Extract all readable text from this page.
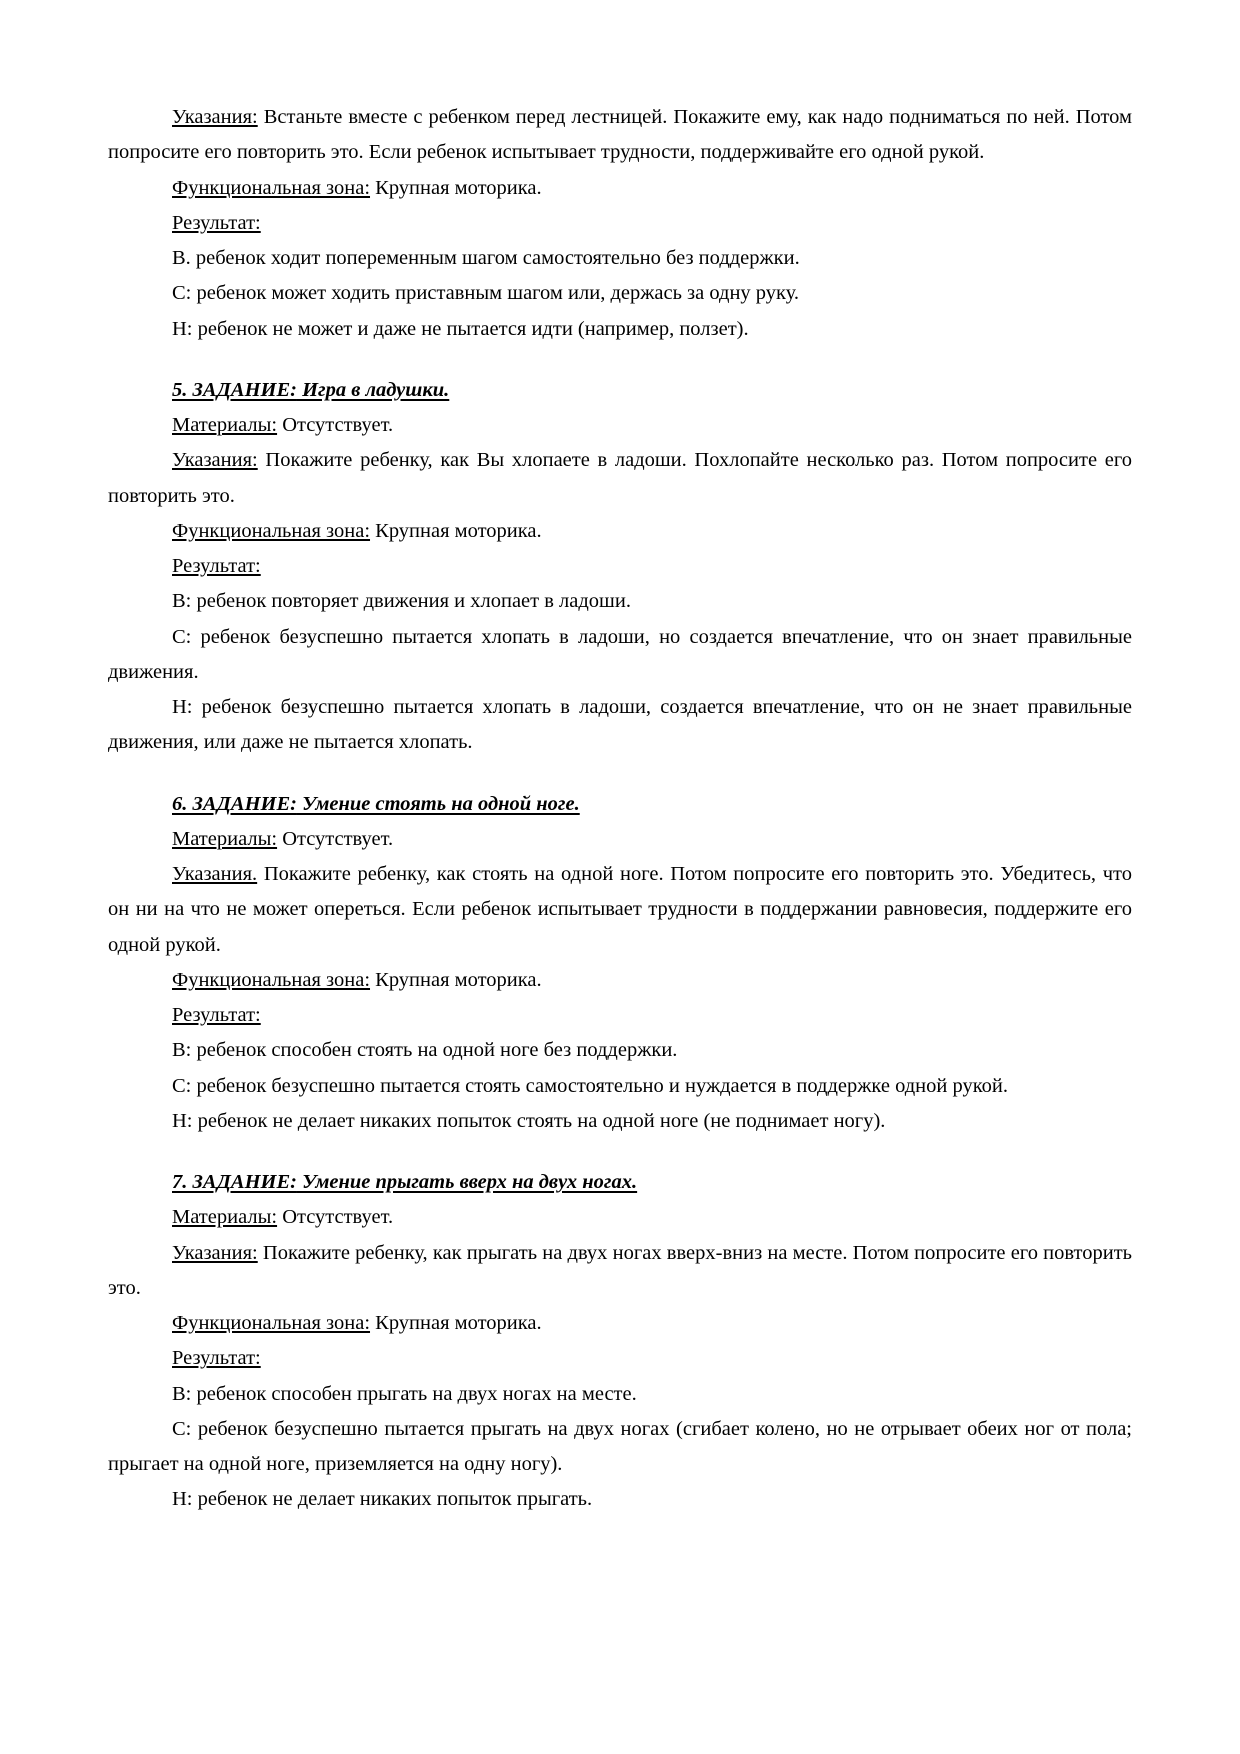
Указания: Встаньте вместе с ребенком перед лестницей. Покажите ему, как надо подниматься по ней. Потом попросите его повторить это. Если ребенок испытывает трудности, поддерживайте его одной рукой.

Функциональная зона: Крупная моторика.

Результат:

В. ребенок ходит попеременным шагом самостоятельно без поддержки.

С: ребенок может ходить приставным шагом или, держась за одну руку.

Н: ребенок не может и даже не пытается идти (например, ползет).

5. ЗАДАНИЕ: Игра в ладушки.

Материалы: Отсутствует.

Указания: Покажите ребенку, как Вы хлопаете в ладоши. Похлопайте несколько раз. Потом попросите его повторить это.

Функциональная зона: Крупная моторика.

Результат:

В: ребенок повторяет движения и хлопает в ладоши.

С: ребенок безуспешно пытается хлопать в ладоши, но создается впечатление, что он знает правильные движения.

Н: ребенок безуспешно пытается хлопать в ладоши, создается впечатление, что он не знает правильные движения, или даже не пытается хлопать.

6. ЗАДАНИЕ: Умение стоять на одной ноге.

Материалы: Отсутствует.

Указания. Покажите ребенку, как стоять на одной ноге. Потом попросите его повторить это. Убедитесь, что он ни на что не может опереться. Если ребенок испытывает трудности в поддержании равновесия, поддержите его одной рукой.

Функциональная зона: Крупная моторика.

Результат:

В: ребенок способен стоять на одной ноге без поддержки.

С: ребенок безуспешно пытается стоять самостоятельно и нуждается в поддержке одной рукой.

Н: ребенок не делает никаких попыток стоять на одной ноге (не поднимает ногу).

7. ЗАДАНИЕ: Умение прыгать вверх на двух ногах.

Материалы: Отсутствует.

Указания: Покажите ребенку, как прыгать на двух ногах вверх-вниз на месте. Потом попросите его повторить это.

Функциональная зона: Крупная моторика.

Результат:

В: ребенок способен прыгать на двух ногах на месте.

С: ребенок безуспешно пытается прыгать на двух ногах (сгибает колено, но не отрывает обеих ног от пола; прыгает на одной ноге, приземляется на одну ногу).

Н: ребенок не делает никаких попыток прыгать.
